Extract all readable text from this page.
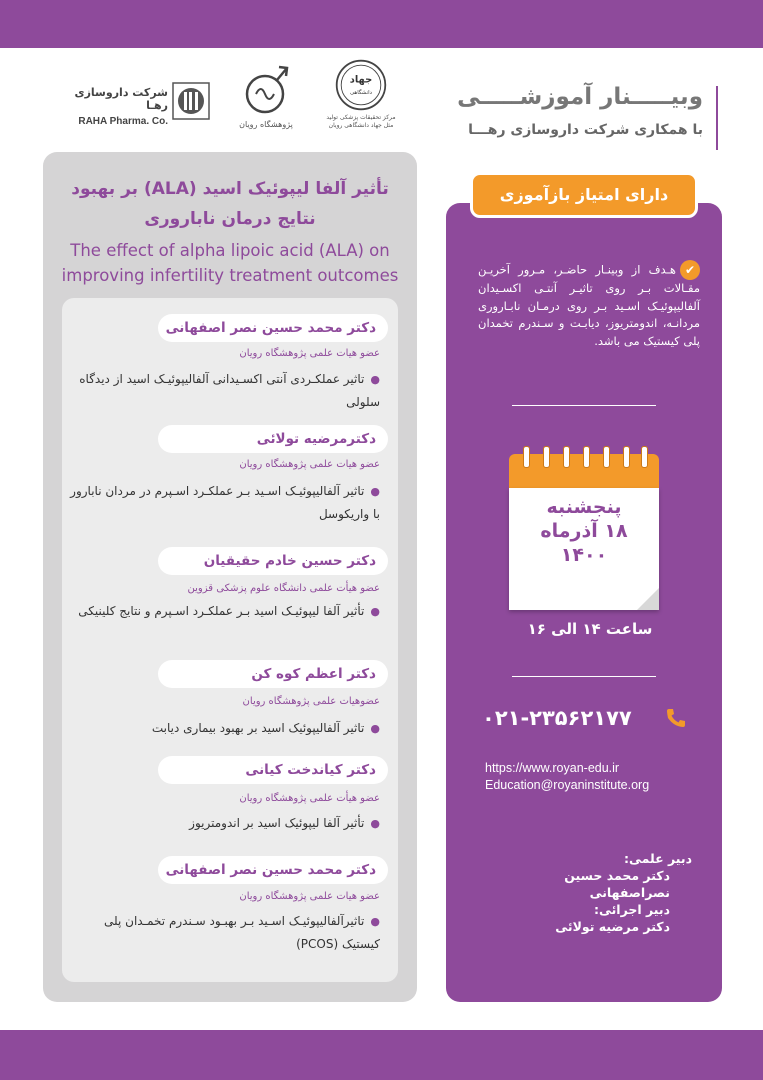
شرکت داروسازی رهـا
RAHA Pharma. Co.	پژوهشگاه رویان
جهاد
دانشگاهی
مرکز تحقیقات پزشکی تولید مثل جهاد دانشگاهی رویان
وبیـــــنار آموزشـــــی
با همکاری شرکت داروسازی رهـــا
تأثیر آلفا لیپوئیک اسید (ALA) بر بهبود نتایج درمان ناباروری
The effect of alpha lipoic acid (ALA) on improving infertility treatment outcomes
دکتر محمد حسین نصر اصفهانی
عضو هیات علمی پژوهشگاه رویان
●تاثیر عملکـردی آنتی اکسـیدانی آلفالیپوئیـک اسید از دیدگاه سلولی
دکترمرضیه تولائی
عضو هیات علمی پژوهشگاه رویان
●تاثیر آلفالیپوئیـک اسـید بـر عملکـرد اسـپرم در مردان نابارور با واریکوسل
دکتر حسین خادم حقیقیان
عضو هیأت علمی دانشگاه علوم پزشکی قزوین
●تأثیر آلفا لیپوئیـک اسید بـر عملکـرد اسـپرم و نتایج کلینیکی
دکتر اعظم کوه کن
عضوهیات علمی پژوهشگاه رویان
●تاثیر آلفالیپوئیک اسید بر بهبود بیماری دیابت
دکتر کیاندخت کیانی
عضو هیأت علمی پژوهشگاه رویان
●تأثیر آلفا لیپوئیک اسید بر اندومتریوز
دکتر محمد حسین نصر اصفهانی
عضو هیات علمی پژوهشگاه رویان
●تاثیرآلفالیپوئیـک اسـید بـر بهبـود سـندرم تخمـدان پلی کیستیک (PCOS)
دارای امتیاز بازآموزی
✔هـدف از وبینـار حاضـر، مـرور آخریـن مقـالات بـر روی تاثیـر آنتـی اکسـیدان آلفالیپوئیـک اسـید بـر روی درمـان نابـاروری مردانـه، اندومتریوز، دیابـت و سـندرم تخمدان پلی کیستیک می باشد.
پنجشنبه
۱۸ آذرماه
۱۴۰۰
ساعت ۱۴ الی ۱۶
۰۲۱-۲۳۵۶۲۱۷۷
https://www.royan-edu.ir
Education@royaninstitute.org
دبیر علمی:
دکتر محمد حسین نصراصفهانی
دبیر اجرائی:
دکتر مرضیه تولائی
